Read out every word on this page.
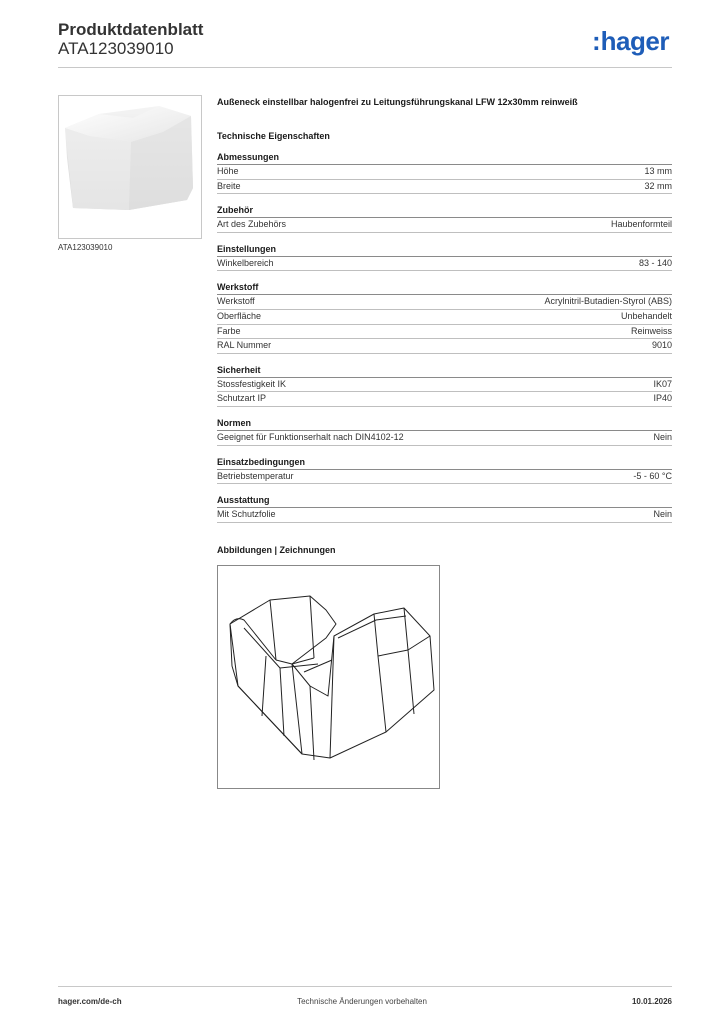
Produktdatenblatt
ATA123039010	:hager
ATA123039010
Außeneck einstellbar halogenfrei zu Leitungsführungskanal LFW 12x30mm reinweiß
Technische Eigenschaften
Abmessungen
Höhe	13 mm
Breite	32 mm
Zubehör
Art des Zubehörs	Haubenformteil
Einstellungen
Winkelbereich	83 - 140
Werkstoff
Werkstoff	Acrylnitril-Butadien-Styrol (ABS)
Oberfläche	Unbehandelt
Farbe	Reinweiss
RAL Nummer	9010
Sicherheit
Stossfestigkeit IK	IK07
Schutzart IP	IP40
Normen
Geeignet für Funktionserhalt nach DIN4102-12	Nein
Einsatzbedingungen
Betriebstemperatur	-5 - 60 °C
Ausstattung
Mit Schutzfolie	Nein
Abbildungen | Zeichnungen
hager.com/de-ch	Technische Änderungen vorbehalten	10.01.2026
